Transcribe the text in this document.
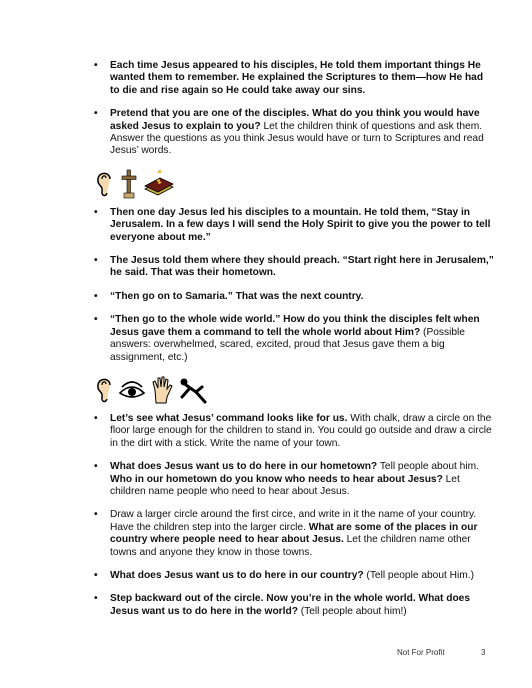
• Each time Jesus appeared to his disciples, He told them important things He wanted them to remember. He explained the Scriptures to them—how He had to die and rise again so He could take away our sins.
• Pretend that you are one of the disciples. What do you think you would have asked Jesus to explain to you? Let the children think of questions and ask them. Answer the questions as you think Jesus would have or turn to Scriptures and read Jesus’ words.
• Then one day Jesus led his disciples to a mountain. He told them, “Stay in Jerusalem. In a few days I will send the Holy Spirit to give you the power to tell everyone about me.”
• The Jesus told them where they should preach. “Start right here in Jerusalem,” he said. That was their hometown.
• “Then go on to Samaria.” That was the next country.
• “Then go to the whole wide world.” How do you think the disciples felt when Jesus gave them a command to tell the whole world about Him? (Possible answers: overwhelmed, scared, excited, proud that Jesus gave them a big assignment, etc.)
• Let’s see what Jesus’ command looks like for us. With chalk, draw a circle on the floor large enough for the children to stand in. You could go outside and draw a circle in the dirt with a stick. Write the name of your town.
• What does Jesus want us to do here in our hometown? Tell people about him. Who in our hometown do you know who needs to hear about Jesus? Let children name people who need to hear about Jesus.
• Draw a larger circle around the first circe, and write in it the name of your country. Have the children step into the larger circle. What are some of the places in our country where people need to hear about Jesus. Let the children name other towns and anyone they know in those towns.
• What does Jesus want us to do here in our country? (Tell people about Him.)
• Step backward out of the circle. Now you’re in the whole world. What does Jesus want us to do here in the world? (Tell people about him!)
Not For Profit	3
